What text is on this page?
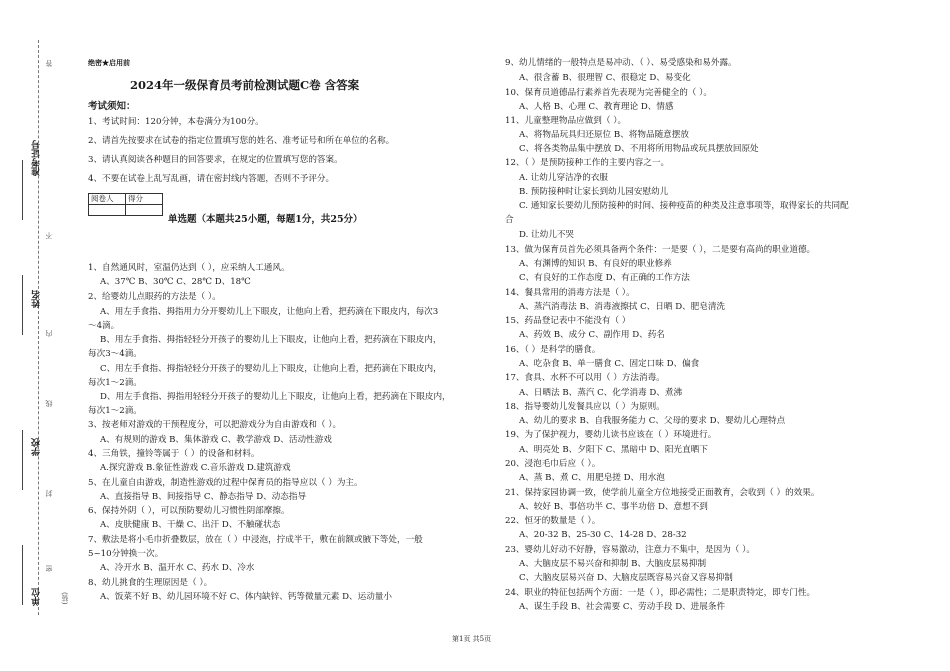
准考证号
姓名
学校
单位
答
不
内
线
封
密
(装)
绝密★启用前
2024年一级保育员考前检测试题C卷 含答案
考试须知：
1、考试时间：120分钟，本卷满分为100分。
2、请首先按要求在试卷的指定位置填写您的姓名、准考证号和所在单位的名称。
3、请认真阅读各种题目的回答要求，在规定的位置填写您的答案。
4、不要在试卷上乱写乱画，请在密封线内答题，否则不予评分。
阅卷人	得分

单选题（本题共25小题，每题1分，共25分）
1、自然通风时，室温仍达到（ ），应采纳人工通风。
A、37℃ B、30℃ C、28℃ D、18℃
2、给婴幼儿点眼药的方法是（ ）。
A、用左手食指、拇指用力分开婴幼儿上下眼皮，让他向上看，把药滴在下眼皮内，每次3
～4滴。
B、用左手食指、拇指轻轻分开孩子的婴幼儿上下眼皮，让他向上看，把药滴在下眼皮内，
每次3～4滴。
C、用左手食指、拇指轻轻分开孩子的婴幼儿上下眼皮，让他向上看，把药滴在下眼皮内，
每次1～2滴。
D、用左手食指、拇指用轻轻分开孩子的婴幼儿上下眼皮，让他向上看，把药滴在下眼皮内，
每次1～2滴。
3、按老师对游戏的干预程度分，可以把游戏分为自由游戏和（ ）。
A、有规则的游戏 B、集体游戏 C、教学游戏 D、活动性游戏
4、三角铁，撞铃等属于（ ）的设备和材料。
A.探究游戏 B.象征性游戏 C.音乐游戏 D.建筑游戏
5、在儿童自由游戏，制造性游戏的过程中保育员的指导应以（ ）为主。
A、直接指导 B、间接指导 C、静态指导 D、动态指导
6、保持外阴（ ），可以预防婴幼儿习惯性阴部摩擦。
A、皮肤健康 B、干燥 C、出汗 D、不触碰状态
7、敷法是将小毛巾折叠数层，放在（ ）中浸泡，拧成半干，敷在前额或腋下等处，一般
5~10分钟换一次。
A、冷开水 B、温开水 C、药水 D、冷水
8、幼儿挑食的生理原因是（ ）。
A、饭菜不好 B、幼儿园环境不好 C、体内缺锌、钙等微量元素 D、运动量小
9、幼儿情绪的一般特点是易冲动、（ ）、易受感染和易外露。
A、很含蓄 B、很理智 C、很稳定 D、易变化
10、保育员道德品行素养首先表现为完善健全的（ ）。
A、人格 B、心理 C、教育理论 D、情感
11、儿童整理物品应做到（ ）。
A、将物品玩具归还原位 B、将物品随意摆放
C、将各类物品集中摆放 D、不用将所用物品或玩具摆放回原处
12、（ ）是预防接种工作的主要内容之一。
A. 让幼儿穿洁净的衣服
B. 预防接种时让家长到幼儿园安慰幼儿
C. 通知家长要幼儿预防接种的时间、接种疫苗的种类及注意事项等，取得家长的共同配
合
D. 让幼儿不哭
13、做为保育员首先必须具备两个条件：一是要（ ），二是要有高尚的职业道德。
A、有渊博的知识 B、有良好的职业修养
C、有良好的工作态度 D、有正确的工作方法
14、餐具常用的消毒方法是（ ）。
A、蒸汽消毒法 B、消毒液擦拭 C、日晒 D、肥皂清洗
15、药品登记表中不能没有（ ）
A、药效 B、成分 C、副作用 D、药名
16、（ ）是科学的膳食。
A、吃杂食 B、单一膳食 C、固定口味 D、偏食
17、食具、水杯不可以用（ ）方法消毒。
A、日晒法 B、蒸汽 C、化学消毒 D、煮沸
18、指导婴幼儿发餐具应以（ ）为原则。
A、幼儿的要求 B、自我服务能力 C、父母的要求 D、婴幼儿心理特点
19、为了保护视力，婴幼儿读书应该在（ ）环境进行。
A、明亮处 B、夕阳下 C、黑暗中 D、阳光直晒下
20、浸泡毛巾后应（ ）。
A、蒸 B、煮 C、用肥皂搓 D、用水泡
21、保持家园协调一致，使学前儿童全方位地接受正面教育，会收到（ ）的效果。
A、较好 B、事倍功半 C、事半功倍 D、意想不到
22、恒牙的数量是（ ）。
A、20-32 B、25-30 C、14-28 D、28-32
23、婴幼儿好动不好静，容易激动，注意力不集中，是因为（ ）。
A、大脑皮层不易兴奋和抑制 B、大脑皮层易抑制
C、大脑皮层易兴奋 D、大脑皮层既容易兴奋又容易抑制
24、职业的特征包括两个方面：一是（ ），即必需性；二是职责特定，即专门性。
A、谋生手段 B、社会需要 C、劳动手段 D、进展条件
第1页 共5页
